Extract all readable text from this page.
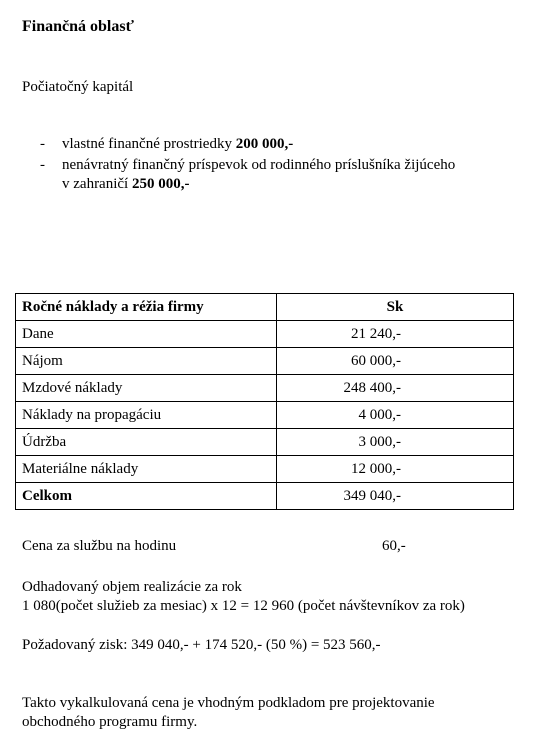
Finančná oblasť
Počiatočný kapitál
- vlastné finančné prostriedky 200 000,-
- nenávratný finančný príspevok od rodinného príslušníka žijúceho
v zahraničí 250 000,-
Ročné náklady a réžia firmy	Sk
Dane	21 240,-
Nájom	60 000,-
Mzdové náklady	248 400,-
Náklady na propagáciu	4 000,-
Údržba	3 000,-
Materiálne náklady	12 000,-
Celkom	349 040,-
Cena za službu na hodinu	60,-
Odhadovaný objem realizácie za rok
1 080(počet služieb za mesiac) x 12 = 12 960 (počet návštevníkov za rok)
Požadovaný zisk: 349 040,- + 174 520,- (50 %) = 523 560,-
Takto vykalkulovaná cena je vhodným podkladom pre projektovanie
obchodného programu firmy.
